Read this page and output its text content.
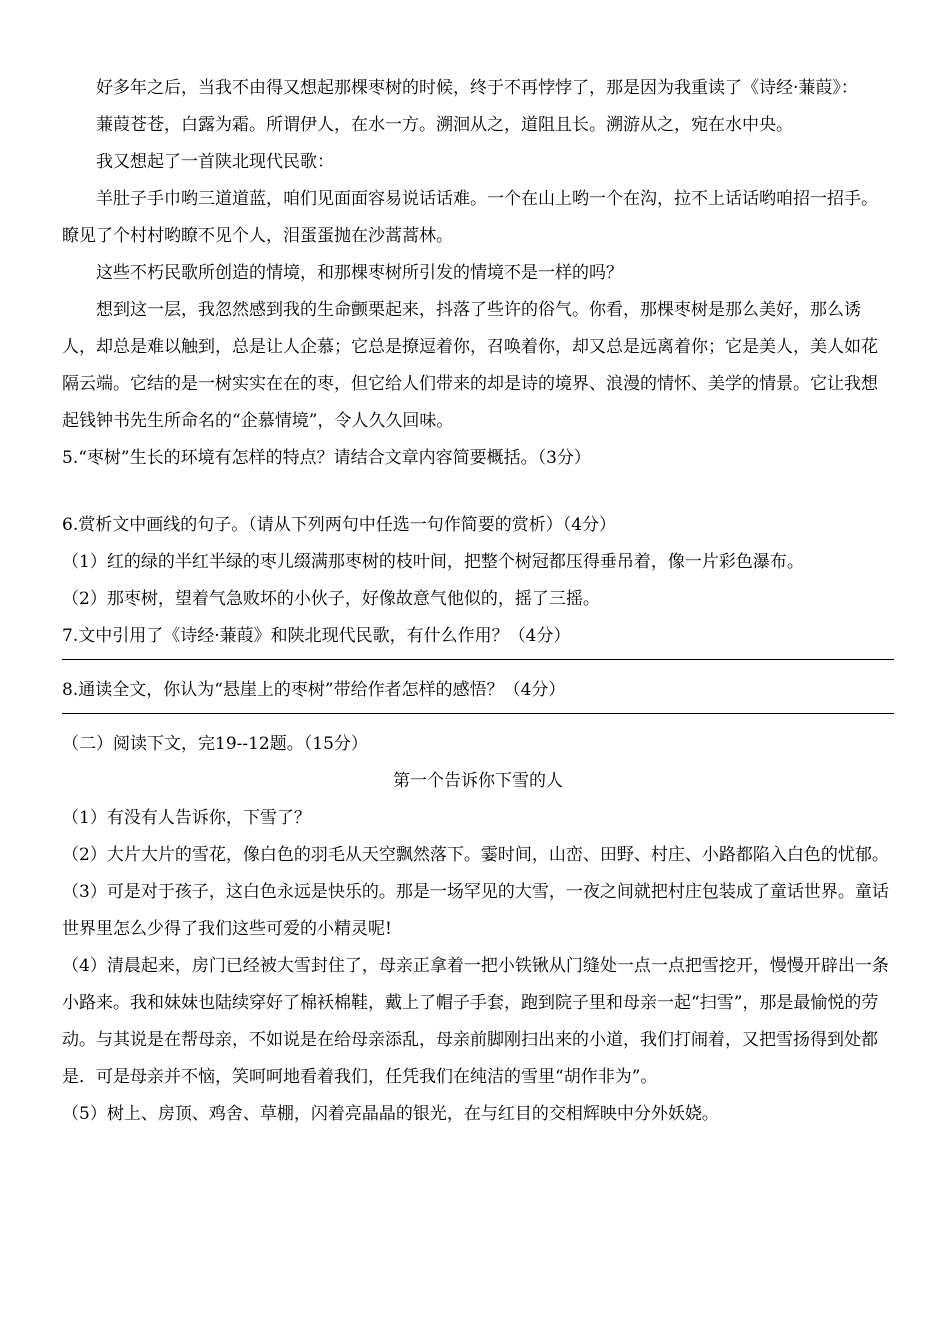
好多年之后，当我不由得又想起那棵枣树的时候，终于不再悖悖了，那是因为我重读了《诗经·蒹葭》：

蒹葭苍苍，白露为霜。所谓伊人，在水一方。溯洄从之，道阻且长。溯游从之，宛在水中央。

我又想起了一首陕北现代民歌：

羊肚子手巾哟三道道蓝，咱们见面面容易说话话难。一个在山上哟一个在沟，拉不上话话哟咱招一招手。瞭见了个村村哟瞭不见个人，泪蛋蛋抛在沙蒿蒿林。

这些不朽民歌所创造的情境，和那棵枣树所引发的情境不是一样的吗？

想到这一层，我忽然感到我的生命颤栗起来，抖落了些许的俗气。你看，那棵枣树是那么美好，那么诱人，却总是难以触到，总是让人企慕；它总是撩逗着你，召唤着你，却又总是远离着你；它是美人，美人如花隔云端。它结的是一树实实在在的枣，但它给人们带来的却是诗的境界、浪漫的情怀、美学的情景。它让我想起钱钟书先生所命名的“企慕情境”，令人久久回味。

5.“枣树”生长的环境有怎样的特点？请结合文章内容简要概括。（3分）

6.赏析文中画线的句子。（请从下列两句中任选一句作简要的赏析）（4分）

（1）红的绿的半红半绿的枣儿缀满那枣树的枝叶间，把整个树冠都压得垂吊着，像一片彩色瀑布。

（2）那枣树，望着气急败坏的小伙子，好像故意气他似的，摇了三摇。

7.文中引用了《诗经·蒹葭》和陕北现代民歌，有什么作用？（4分）

8.通读全文，你认为“悬崖上的枣树”带给作者怎样的感悟？（4分）

（二）阅读下文，完19--12题。（15分）

第一个告诉你下雪的人

（1）有没有人告诉你，下雪了？

（2）大片大片的雪花，像白色的羽毛从天空飘然落下。霎时间，山峦、田野、村庄、小路都陷入白色的忧郁。

（3）可是对于孩子，这白色永远是快乐的。那是一场罕见的大雪，一夜之间就把村庄包装成了童话世界。童话世界里怎么少得了我们这些可爱的小精灵呢!

（4）清晨起来，房门已经被大雪封住了，母亲正拿着一把小铁锹从门缝处一点一点把雪挖开，慢慢开辟出一条小路来。我和妹妹也陆续穿好了棉袄棉鞋，戴上了帽子手套，跑到院子里和母亲一起“扫雪”，那是最愉悦的劳动。与其说是在帮母亲，不如说是在给母亲添乱，母亲前脚刚扫出来的小道，我们打闹着，又把雪扬得到处都是．可是母亲并不恼，笑呵呵地看着我们，任凭我们在纯洁的雪里“胡作非为”。

（5）树上、房顶、鸡舍、草棚，闪着亮晶晶的银光，在与红目的交相辉映中分外妖娆。
